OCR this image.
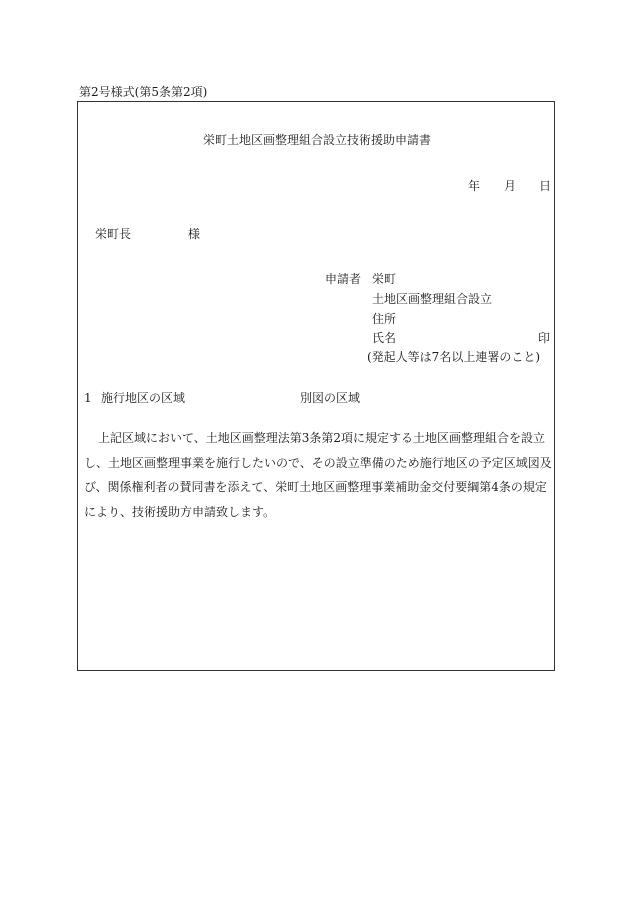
第2号様式(第5条第2項)
栄町土地区画整理組合設立技術援助申請書
年 月 日
栄町長	様
申請者 栄町
土地区画整理組合設立
住所
氏名	印
(発起人等は7名以上連署のこと)
1 施行地区の区域	別図の区域
上記区域において、土地区画整理法第3条第2項に規定する土地区画整理組合を設立し、土地区画整理事業を施行したいので、その設立準備のため施行地区の予定区域図及び、関係権利者の賛同書を添えて、栄町土地区画整理事業補助金交付要綱第4条の規定により、技術援助方申請致します。
